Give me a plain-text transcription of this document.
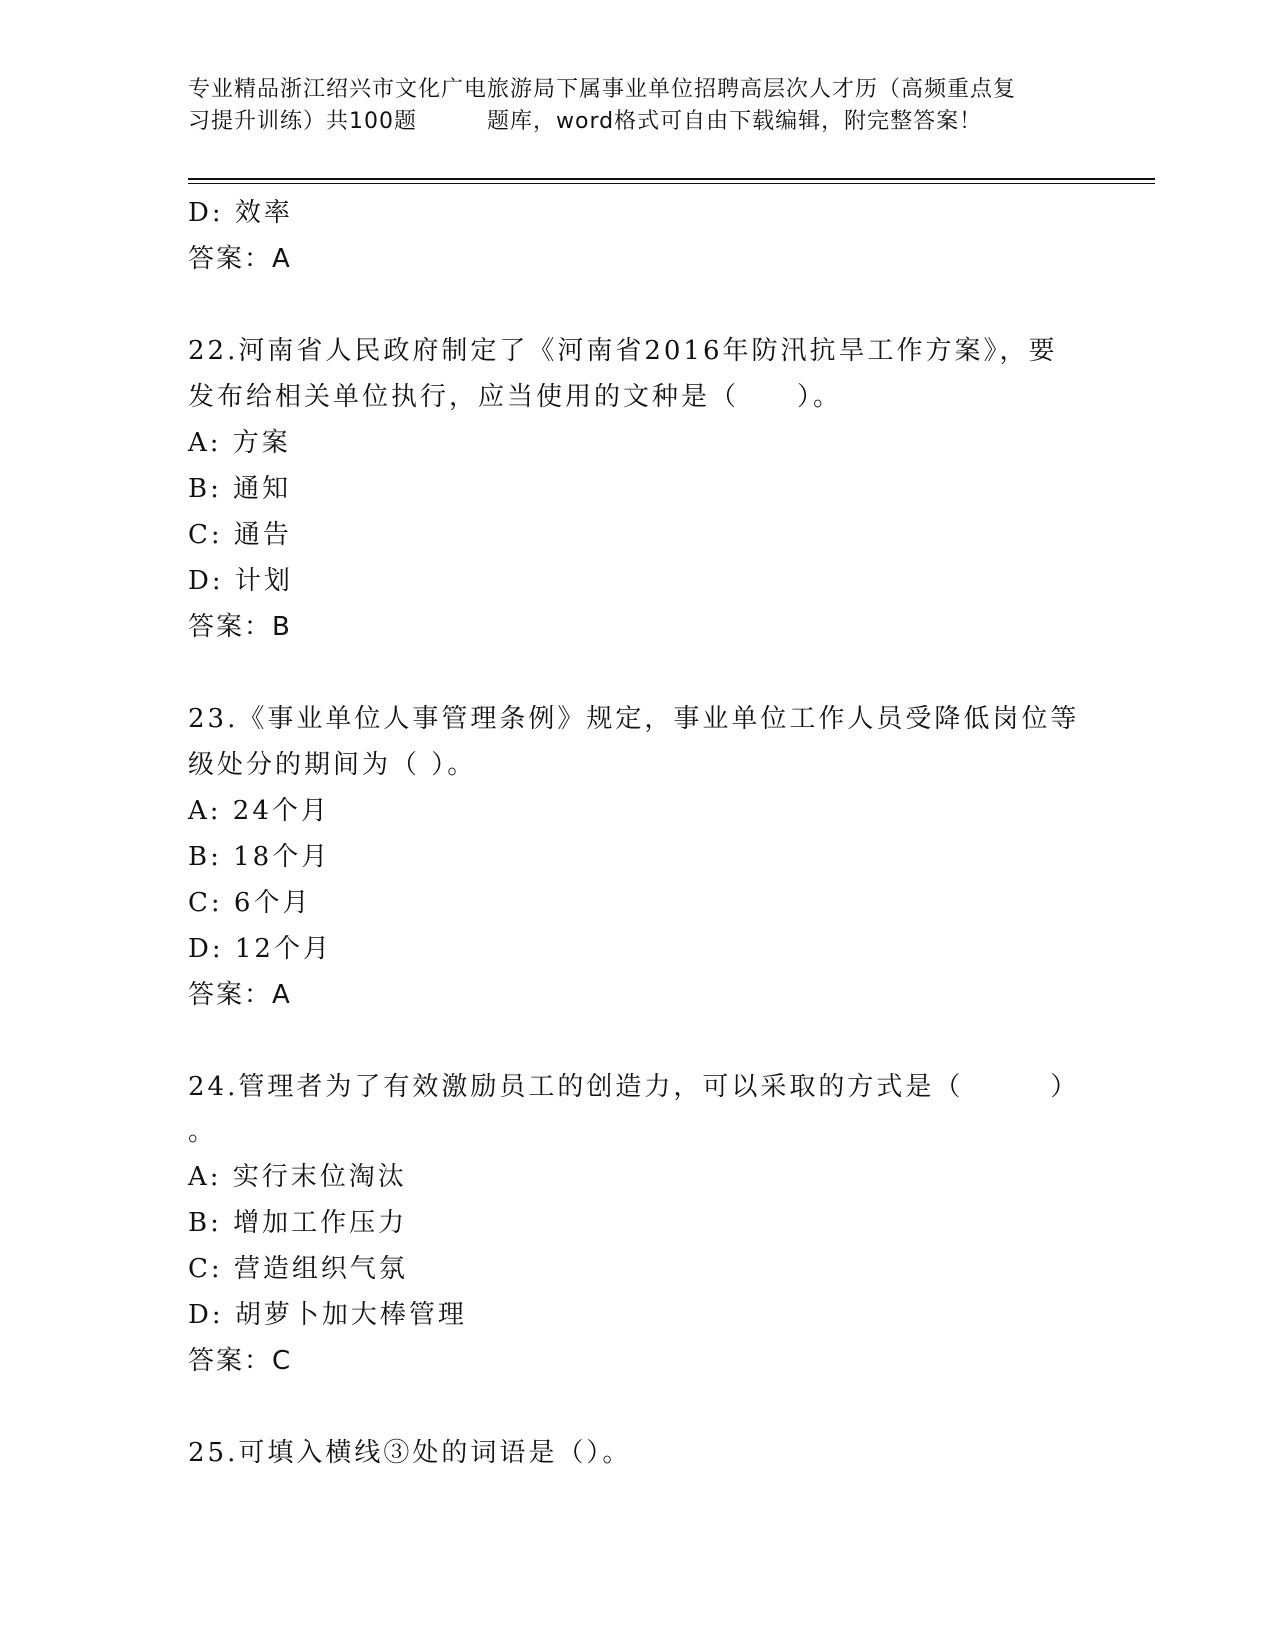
专业精品浙江绍兴市文化广电旅游局下属事业单位招聘高层次人才历（高频重点复
习提升训练）共100题	题库，word格式可自由下载编辑，附完整答案！
D: 效率
答案：A
22.河南省人民政府制定了《河南省2016年防汛抗旱工作方案》，要
发布给相关单位执行，应当使用的文种是（　　）。
A: 方案
B: 通知
C: 通告
D: 计划
答案：B
23.《事业单位人事管理条例》规定，事业单位工作人员受降低岗位等
级处分的期间为（ ）。
A: 24个月
B: 18个月
C: 6个月
D: 12个月
答案：A
24.管理者为了有效激励员工的创造力，可以采取的方式是（　　　）
。
A: 实行末位淘汰
B: 增加工作压力
C: 营造组织气氛
D: 胡萝卜加大棒管理
答案：C
25.可填入横线③处的词语是（）。
